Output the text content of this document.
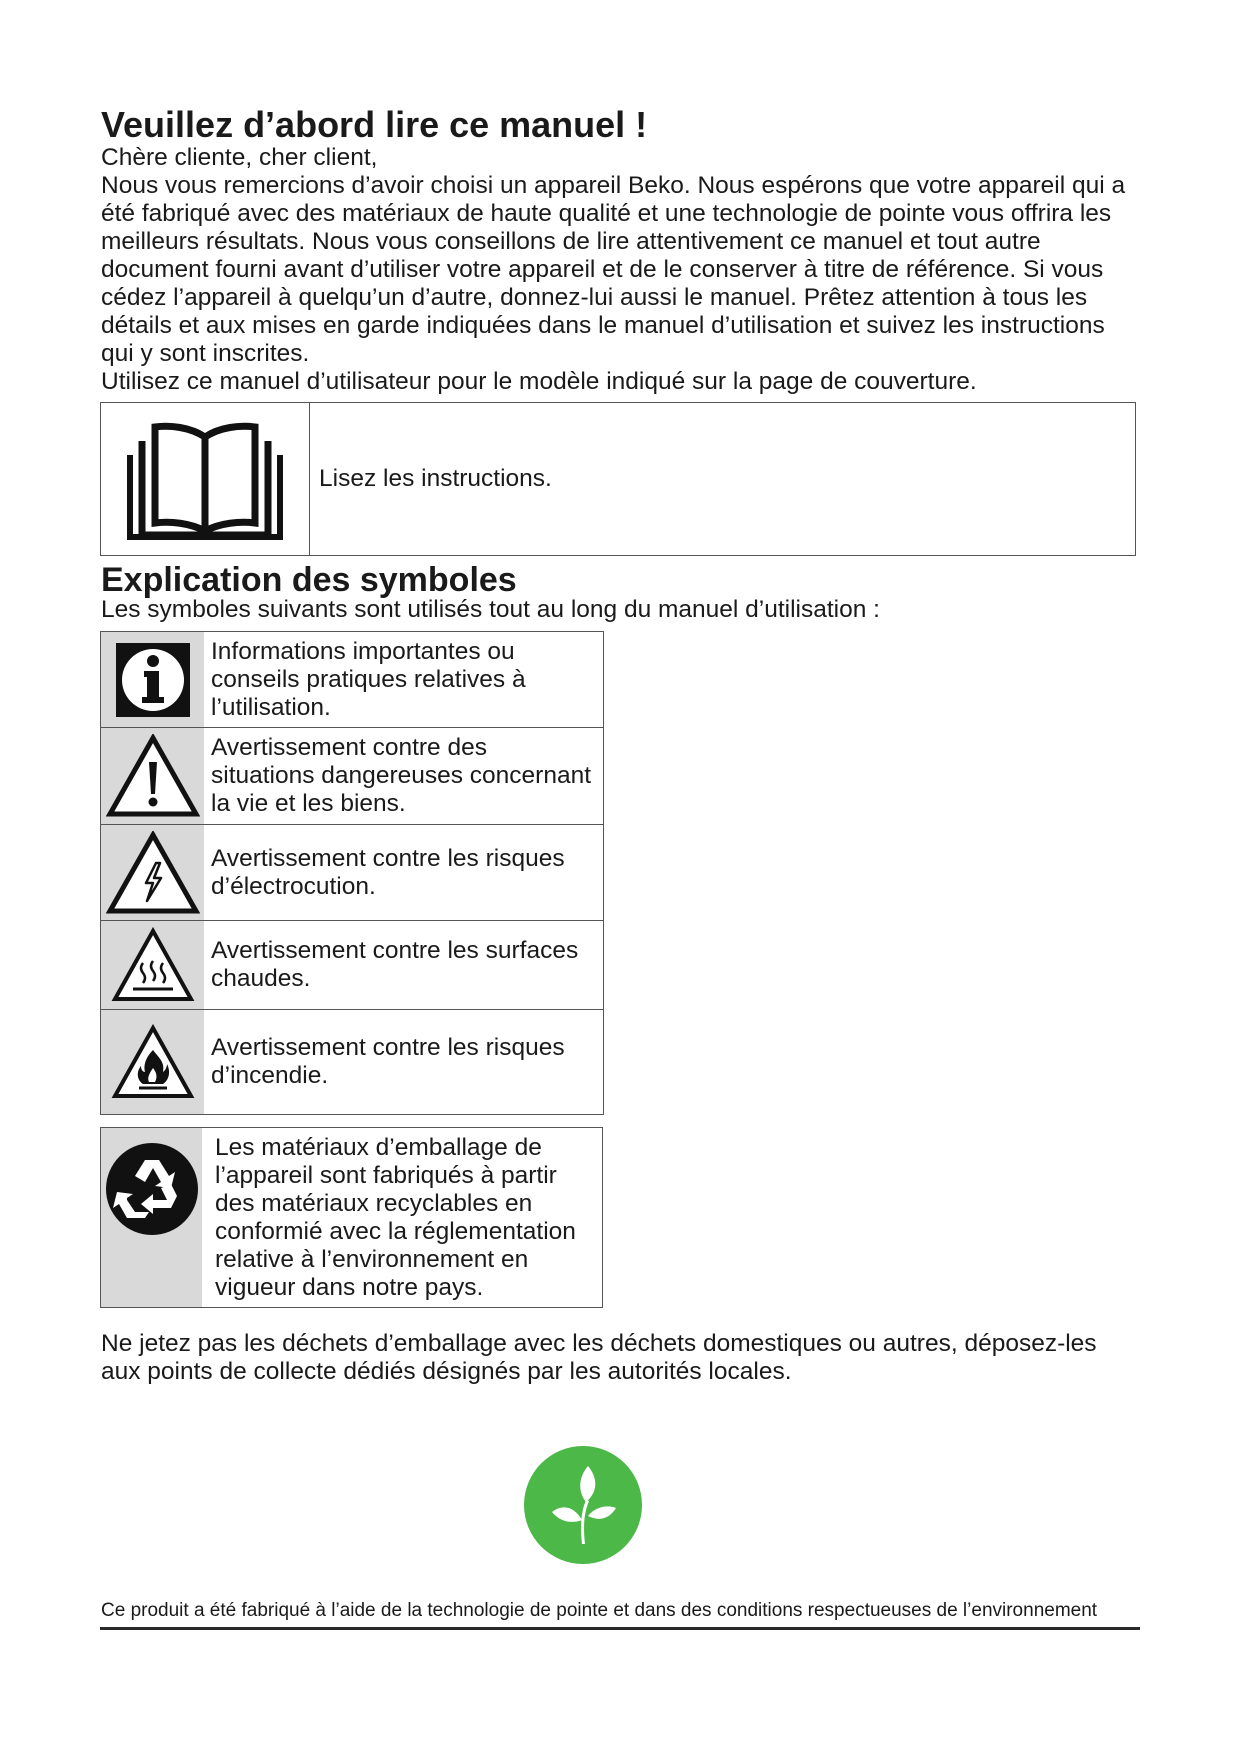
Veuillez d’abord lire ce manuel !

Chère cliente, cher client,

Nous vous remercions d’avoir choisi un appareil Beko. Nous espérons que votre appareil qui a été fabriqué avec des matériaux de haute qualité et une technologie de pointe vous offrira les meilleurs résultats. Nous vous conseillons de lire attentivement ce manuel et tout autre document fourni avant d’utiliser votre appareil et de le conserver à titre de référence. Si vous cédez l’appareil à quelqu’un d’autre, donnez-lui aussi le manuel. Prêtez attention à tous les détails et aux mises en garde indiquées dans le manuel d’utilisation et suivez les instructions qui y sont inscrites.

Utilisez ce manuel d’utilisateur pour le modèle indiqué sur la page de couverture.

Lisez les instructions.
Explication des symboles

Les symboles suivants sont utilisés tout au long du manuel d’utilisation :

Informations importantes ou
conseils pratiques relatives à
l’utilisation.
Avertissement contre des
situations dangereuses concernant
la vie et les biens.
Avertissement contre les risques
d’électrocution.
Avertissement contre les surfaces
chaudes.
Avertissement contre les risques
d’incendie.
Les matériaux d’emballage de
l’appareil sont fabriqués à partir
des matériaux recyclables en
conformié avec la réglementation
relative à l’environnement en
vigueur dans notre pays.

Ne jetez pas les déchets d’emballage avec les déchets domestiques ou autres, déposez-les aux points de collecte dédiés désignés par les autorités locales.

Ce produit a été fabriqué à l’aide de la technologie de pointe et dans des conditions respectueuses de l’environnement
